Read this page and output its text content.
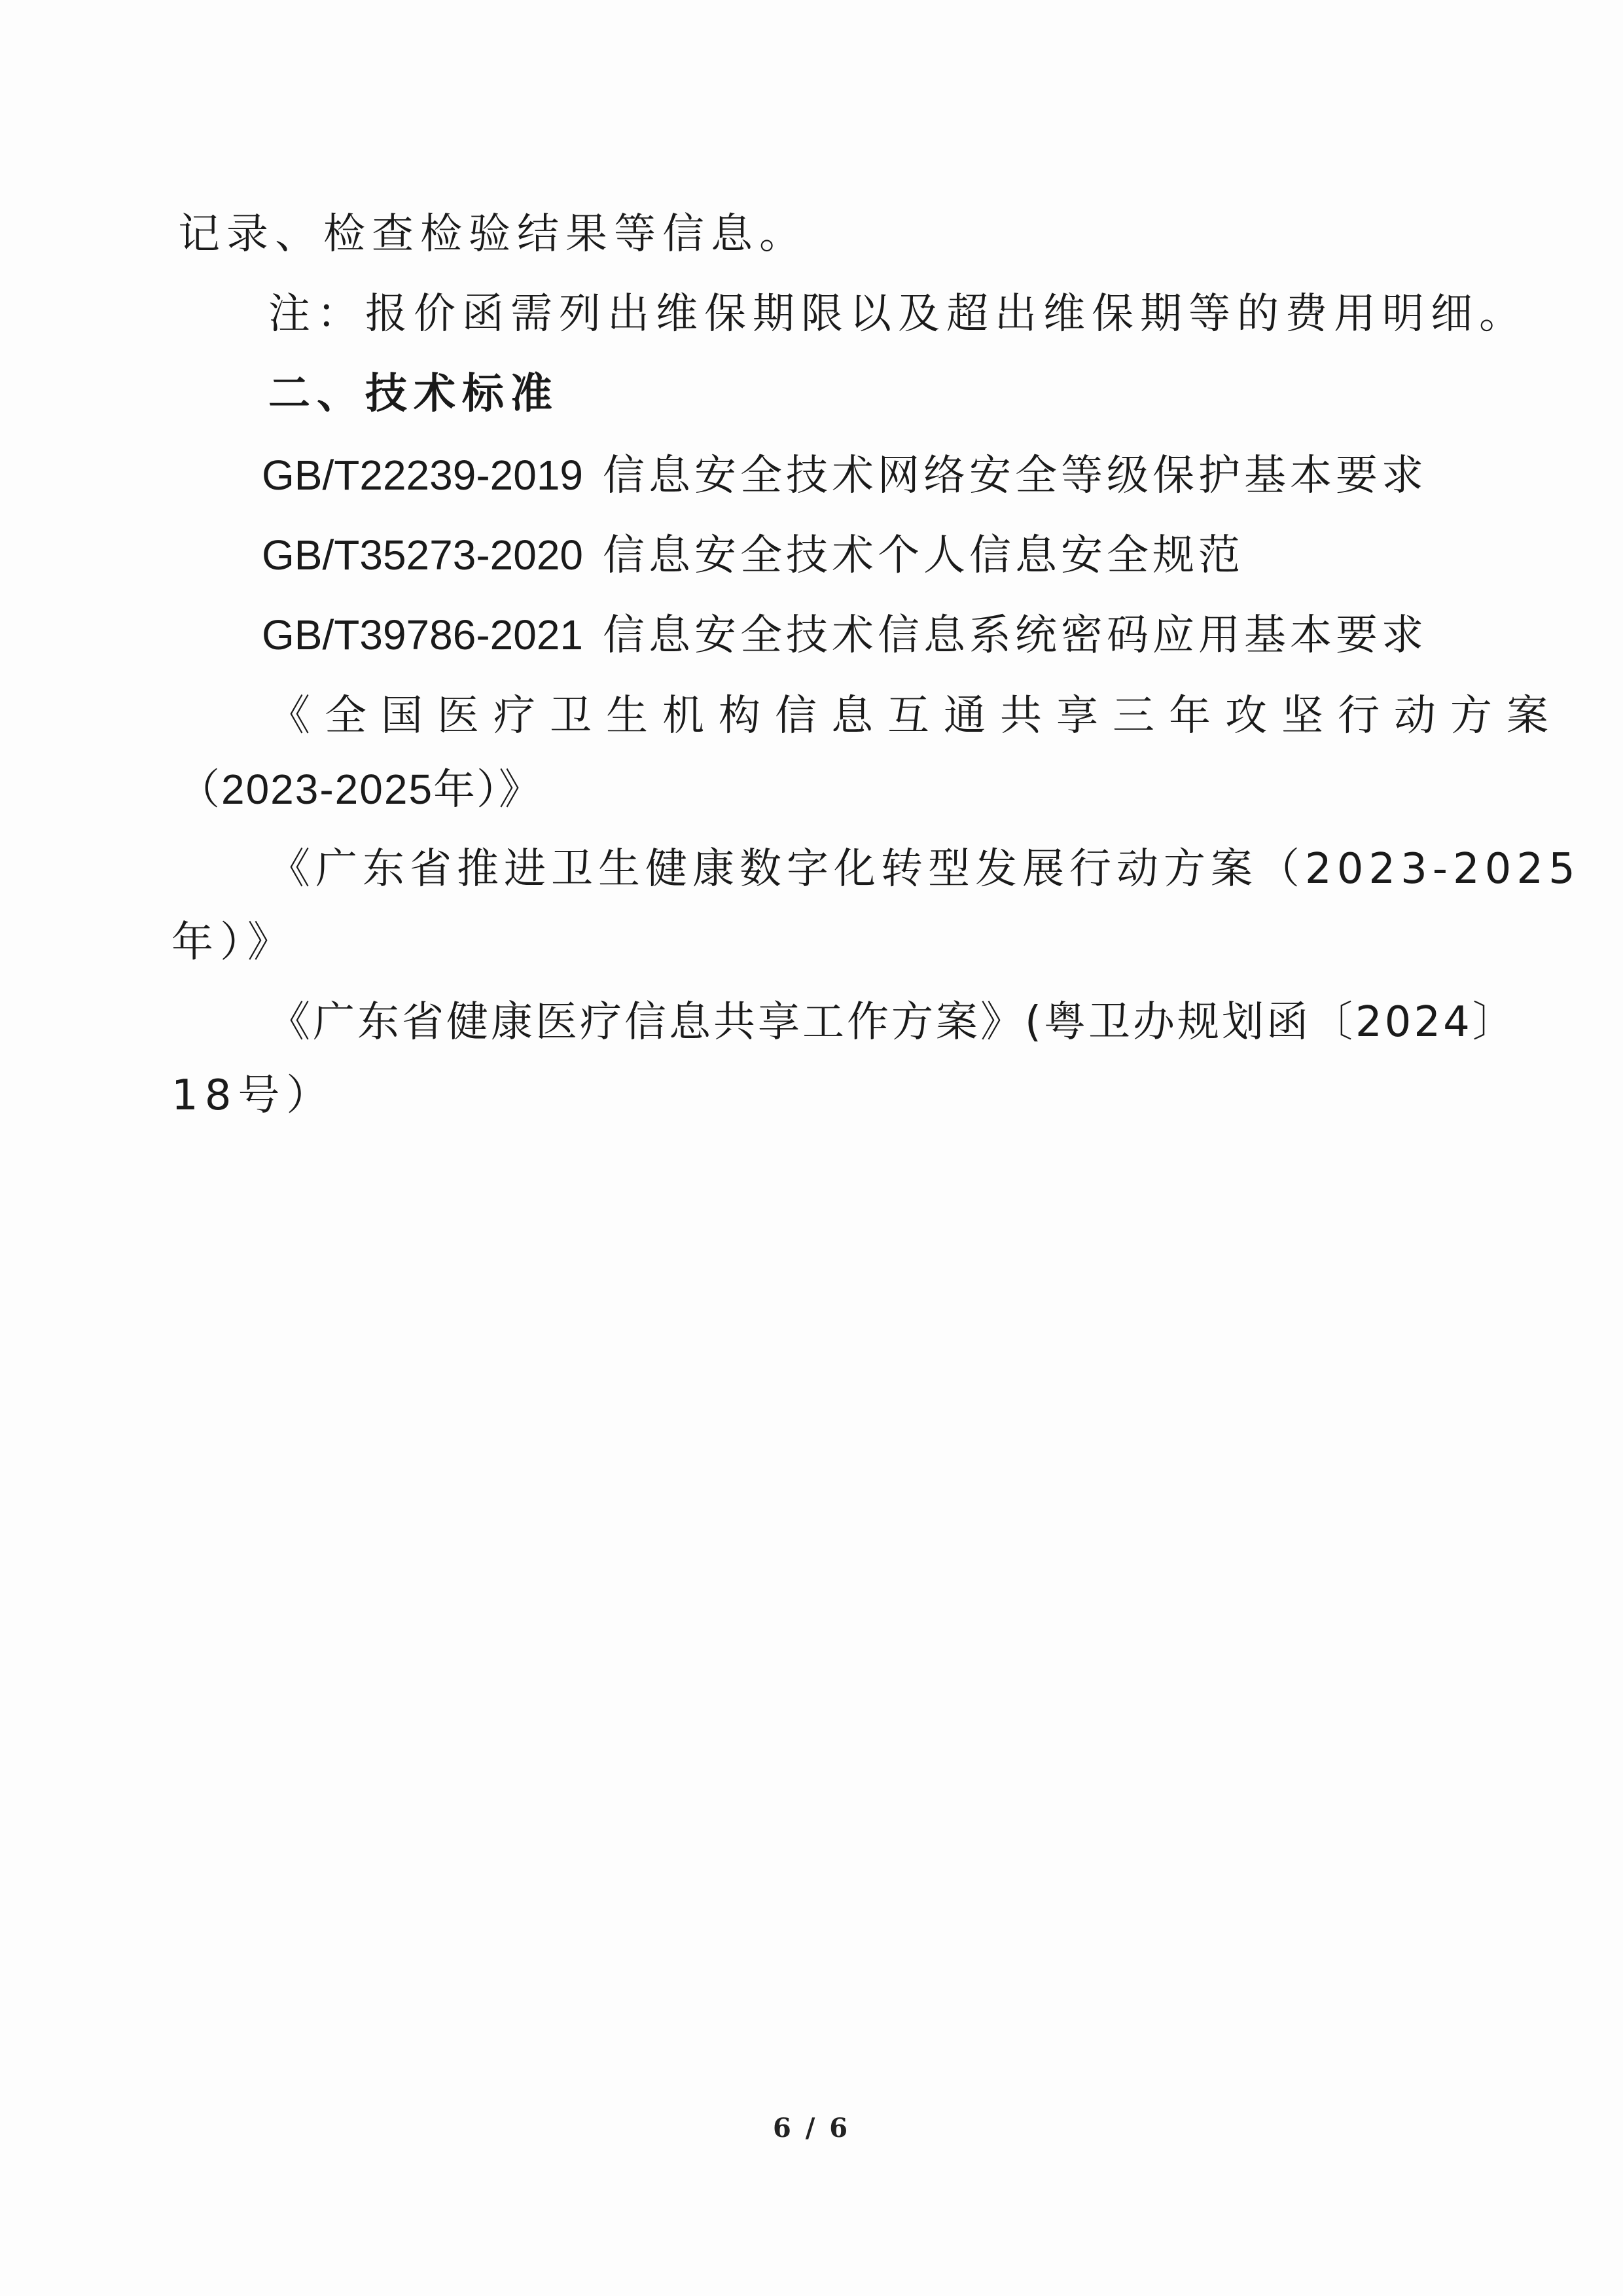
记录、检查检验结果等信息。
注：报价函需列出维保期限以及超出维保期等的费用明细。
二、技术标准
GB/T22239-2019 信息安全技术网络安全等级保护基本要求
GB/T35273-2020 信息安全技术个人信息安全规范
GB/T39786-2021 信息安全技术信息系统密码应用基本要求
《全国医疗卫生机构信息互通共享三年攻坚行动方案
（2023-2025年）》
《广东省推进卫生健康数字化转型发展行动方案（2023-2025
年）》
《广东省健康医疗信息共享工作方案》(粤卫办规划函〔2024〕
18号）
6 / 6
